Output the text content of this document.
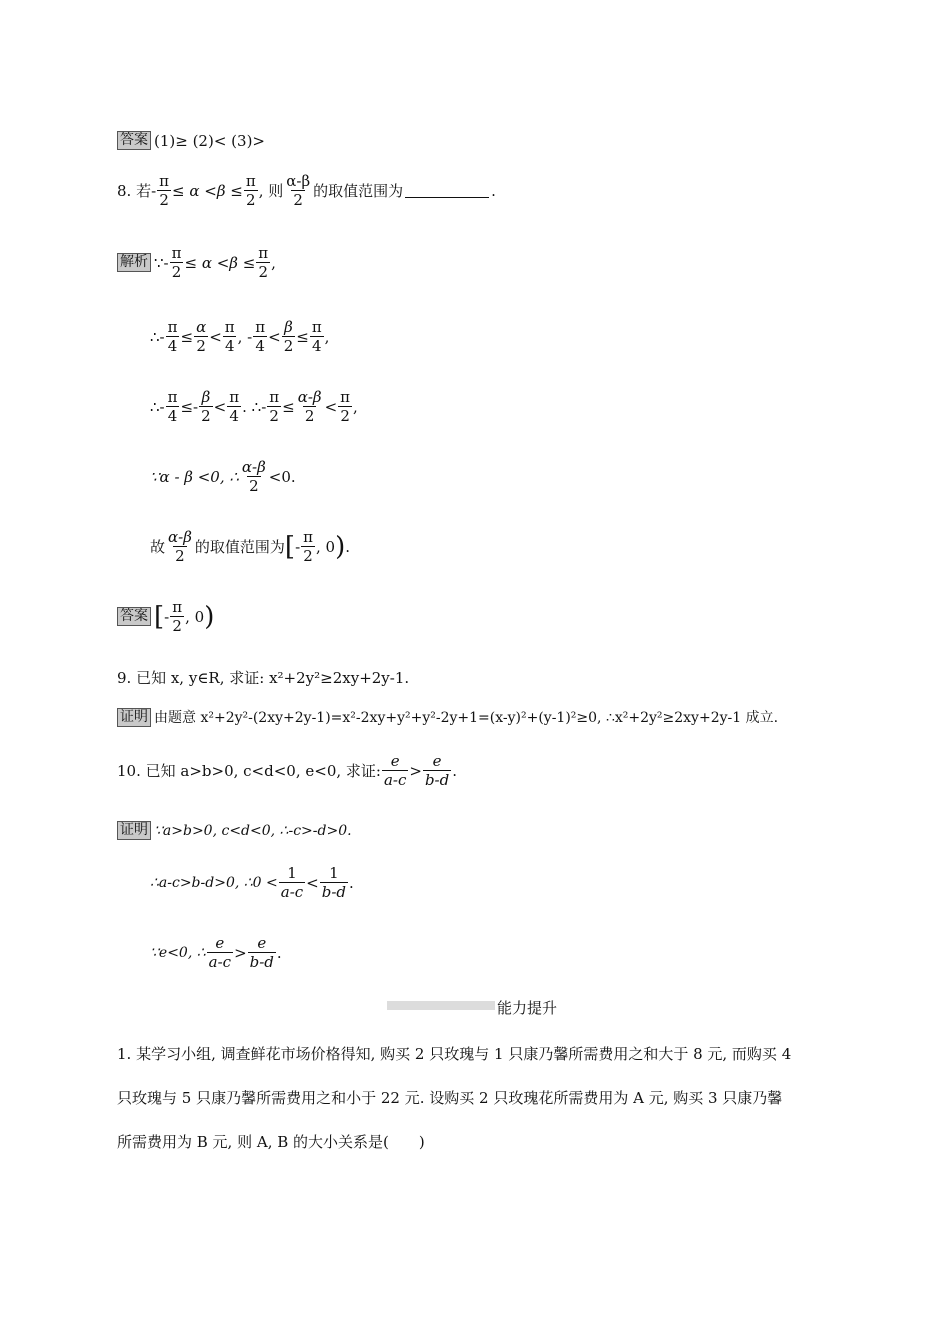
答案 (1)≥ (2)< (3)>
8. 若 - $\frac{\pi}{2} \le \alpha <\beta \le \frac{\pi}{2}$ , 则 $\frac{\alpha-\beta}{2}$ 的取值范围为	.
解析 ∵- $\frac{\pi}{2} \le \alpha <\beta \le \frac{\pi}{2}$ ,
∴- $\frac{\pi}{4} \le \frac{\alpha}{2} < \frac{\pi}{4}$ , - $\frac{\pi}{4} < \frac{\beta}{2} \le \frac{\pi}{4}$ ,
∴- $\frac{\pi}{4} \le- \frac{\beta}{2} < \frac{\pi}{4}$ . ∴- $\frac{\pi}{2} \le \frac{\alpha-\beta}{2} < \frac{\pi}{2}$ ,
∵α - β <0, ∴ $\frac{\alpha-\beta}{2} <0$.
故 $\frac{\alpha-\beta}{2}$ 的取值范围为 [ - $\frac{\pi}{2}$ , 0 ) .
答案 [ - $\frac{\pi}{2}$ , 0 )
9. 已知 x, y∈R, 求证: x²+2y²≥2xy+2y-1.
证明 由题意 x²+2y²-(2xy+2y-1)=x²-2xy+y²+y²-2y+1=(x-y)²+(y-1)²≥0, ∴x²+2y²≥2xy+2y-1 成立.
10. 已知 a>b>0, c<d<0, e<0, 求证: $\frac{e}{a-c} > \frac{e}{b-d}$ .
证明 ∵a>b>0, c<d<0, ∴-c>-d>0.
∴a-c>b-d>0, ∴0 < $\frac{1}{a-c} < \frac{1}{b-d}$ .
∵e<0, ∴ $\frac{e}{a-c} > \frac{e}{b-d}$ .
能力提升
1. 某学习小组, 调查鲜花市场价格得知, 购买 2 只玫瑰与 1 只康乃馨所需费用之和大于 8 元, 而购买 4
只玫瑰与 5 只康乃馨所需费用之和小于 22 元. 设购买 2 只玫瑰花所需费用为 A 元, 购买 3 只康乃馨
所需费用为 B 元, 则 A, B 的大小关系是(　　)
